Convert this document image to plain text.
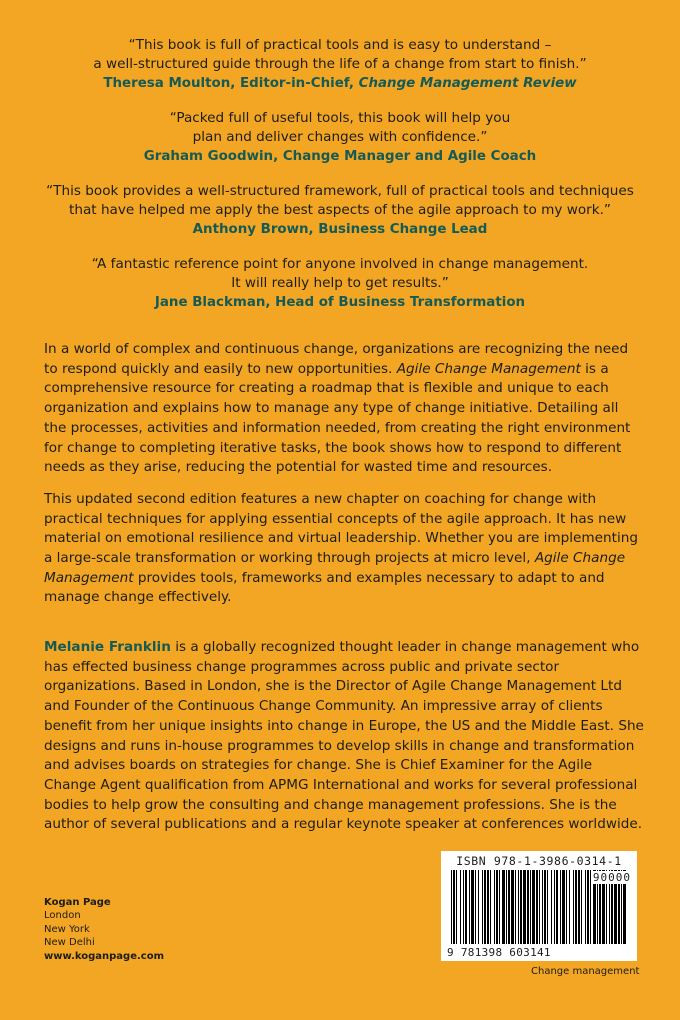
“This book is full of practical tools and is easy to understand –
a well-structured guide through the life of a change from start to finish.”
Theresa Moulton, Editor-in-Chief, Change Management Review
“Packed full of useful tools, this book will help you
plan and deliver changes with confidence.”
Graham Goodwin, Change Manager and Agile Coach
“This book provides a well-structured framework, full of practical tools and techniques
that have helped me apply the best aspects of the agile approach to my work.”
Anthony Brown, Business Change Lead
“A fantastic reference point for anyone involved in change management.
It will really help to get results.”
Jane Blackman, Head of Business Transformation

In a world of complex and continuous change, organizations are recognizing the need to respond quickly and easily to new opportunities. Agile Change Management is a comprehensive resource for creating a roadmap that is flexible and unique to each organization and explains how to manage any type of change initiative. Detailing all the processes, activities and information needed, from creating the right environment for change to completing iterative tasks, the book shows how to respond to different needs as they arise, reducing the potential for wasted time and resources.

This updated second edition features a new chapter on coaching for change with practical techniques for applying essential concepts of the agile approach. It has new material on emotional resilience and virtual leadership. Whether you are implementing a large-scale transformation or working through projects at micro level, Agile Change Management provides tools, frameworks and examples necessary to adapt to and manage change effectively.

Melanie Franklin is a globally recognized thought leader in change management who has effected business change programmes across public and private sector organizations. Based in London, she is the Director of Agile Change Management Ltd and Founder of the Continuous Change Community. An impressive array of clients benefit from her unique insights into change in Europe, the US and the Middle East. She designs and runs in-house programmes to develop skills in change and transformation and advises boards on strategies for change. She is Chief Examiner for the Agile Change Agent qualification from APMG International and works for several professional bodies to help grow the consulting and change management professions. She is the author of several publications and a regular keynote speaker at conferences worldwide.

Kogan Page
London
New York
New Delhi
www.koganpage.com
ISBN 978-1-3986-0314-1
90000
9 781398 603141
Change management
